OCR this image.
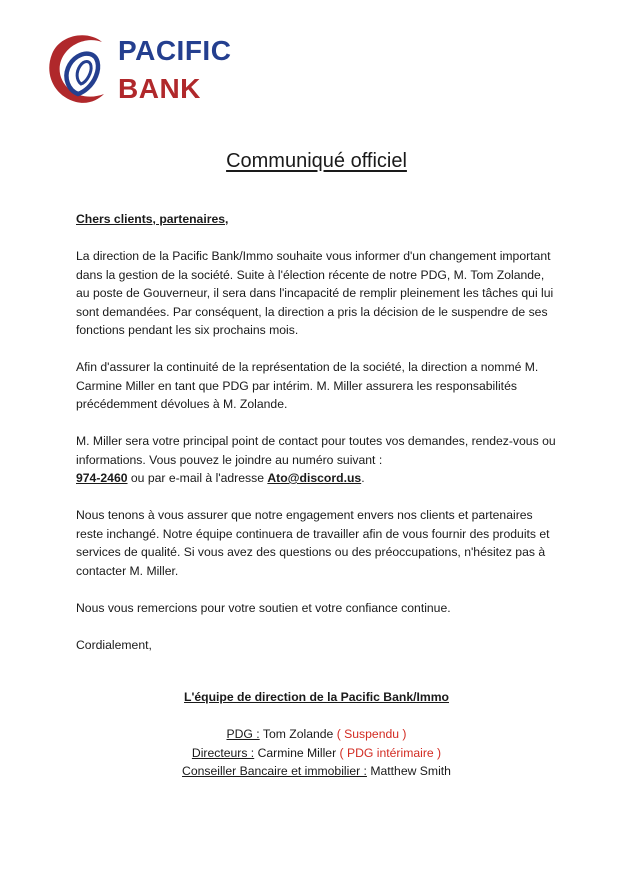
PACIFIC
BANK
Communiqué officiel

Chers clients, partenaires,

La direction de la Pacific Bank/Immo souhaite vous informer d'un changement important dans la gestion de la société. Suite à l'élection récente de notre PDG, M. Tom Zolande, au poste de Gouverneur, il sera dans l'incapacité de remplir pleinement les tâches qui lui sont demandées. Par conséquent, la direction a pris la décision de le suspendre de ses fonctions pendant les six prochains mois.

Afin d'assurer la continuité de la représentation de la société, la direction a nommé M. Carmine Miller en tant que PDG par intérim. M. Miller assurera les responsabilités précédemment dévolues à M. Zolande.

M. Miller sera votre principal point de contact pour toutes vos demandes, rendez-vous ou informations. Vous pouvez le joindre au numéro suivant :
974-2460 ou par e-mail à l'adresse Ato@discord.us.

Nous tenons à vous assurer que notre engagement envers nos clients et partenaires reste inchangé. Notre équipe continuera de travailler afin de vous fournir des produits et services de qualité. Si vous avez des questions ou des préoccupations, n'hésitez pas à contacter M. Miller.

Nous vous remercions pour votre soutien et votre confiance continue.

Cordialement,

L'équipe de direction de la Pacific Bank/Immo

PDG : Tom Zolande ( Suspendu )

Directeurs : Carmine Miller ( PDG intérimaire )

Conseiller Bancaire et immobilier : Matthew Smith
